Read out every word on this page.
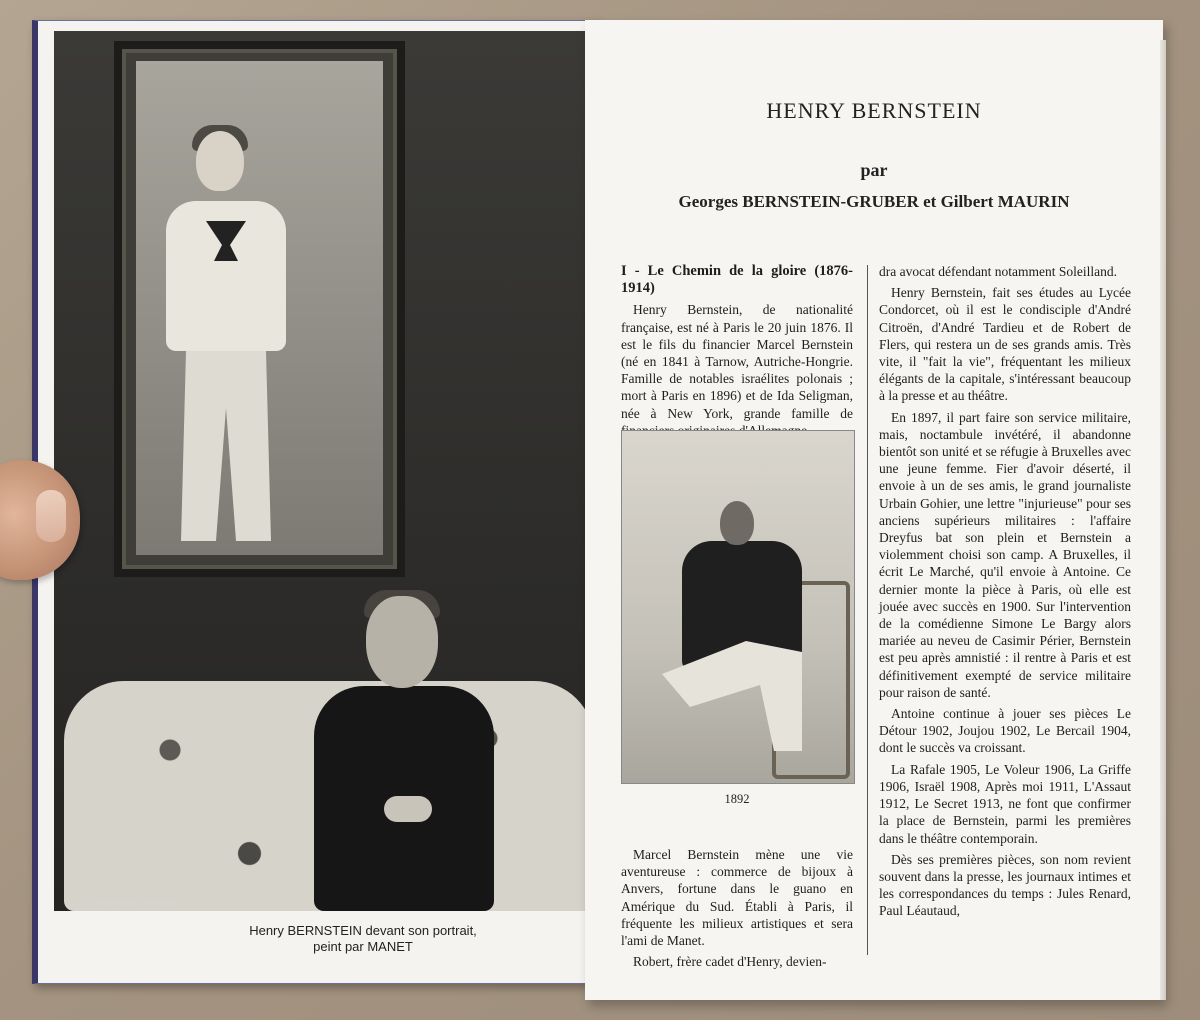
Photo Plaisir de France
Henry BERNSTEIN devant son portrait,
peint par MANET
HENRY BERNSTEIN
par
Georges BERNSTEIN-GRUBER et Gilbert MAURIN

I - Le Chemin de la gloire (1876-1914)

Henry Bernstein, de nationalité française, est né à Paris le 20 juin 1876. Il est le fils du financier Marcel Bernstein (né en 1841 à Tarnow, Autriche-Hongrie. Famille de notables israélites polonais ; mort à Paris en 1896) et de Ida Seligman, née à New York, grande famille de

1892

Marcel Bernstein mène une vie aventureuse : commerce de bijoux à Anvers, fortune dans le guano en Amérique du Sud. Établi à Paris, il fréquente les milieux artistiques et sera l'ami de Manet.

Robert, frère cadet d'Henry, devien-

dra avocat défendant notamment Soleilland.

Henry Bernstein, fait ses études au Lycée Condorcet, où il est le condisciple d'André Citroën, d'André Tardieu et de Robert de Flers, qui restera un de ses grands amis. Très vite, il "fait la vie", fréquentant les milieux élégants de la capitale, s'intéressant beaucoup à la presse et au théâtre.

En 1897, il part faire son service militaire, mais, noctambule invétéré, il abandonne bientôt son unité et se réfugie à Bruxelles avec une jeune femme. Fier d'avoir déserté, il envoie à un de ses amis, le grand journaliste Urbain Gohier, une lettre "injurieuse" pour ses anciens supérieurs militaires : l'affaire Dreyfus bat son plein et Bernstein a violemment choisi son camp. A Bruxelles, il écrit Le Marché, qu'il envoie à Antoine. Ce dernier monte la pièce à Paris, où elle est jouée avec succès en 1900. Sur l'intervention de la comédienne Simone Le Bargy alors mariée au neveu de Casimir Périer, Bernstein est peu après amnistié : il rentre à Paris et est définitivement exempté de service militaire pour raison de santé.

Antoine continue à jouer ses pièces Le Détour 1902, Joujou 1902, Le Bercail 1904, dont le succès va croissant.

La Rafale 1905, Le Voleur 1906, La Griffe 1906, Israël 1908, Après moi 1911, L'Assaut 1912, Le Secret 1913, ne font que confirmer la place de Bernstein, parmi les premières dans le théâtre contemporain.

Dès ses premières pièces, son nom revient souvent dans la presse, les journaux intimes et les correspondances du temps : Jules Renard, Paul Léautaud,
